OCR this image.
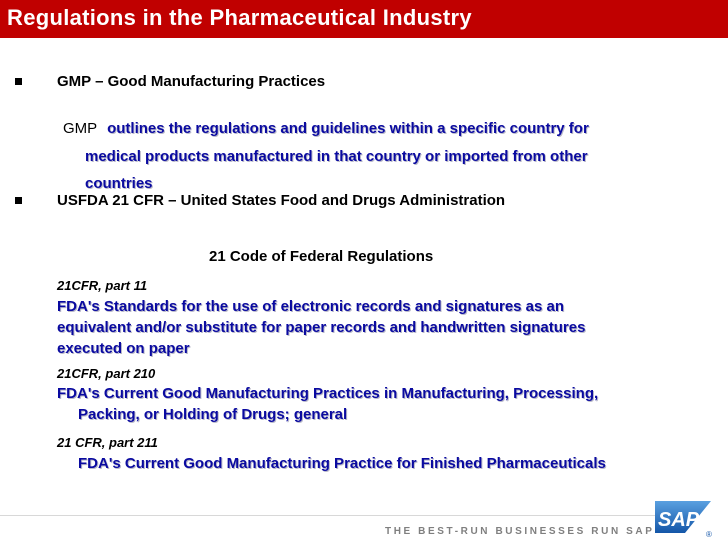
Regulations in the Pharmaceutical Industry
GMP – Good Manufacturing Practices
GMP outlines the regulations and guidelines within a specific country for
medical products manufactured in that country or imported from other
countries
USFDA 21 CFR – United States Food and Drugs Administration
21 Code of Federal Regulations
21CFR, part 11
FDA's Standards for the use of electronic records and signatures as an
equivalent and/or substitute for paper records and handwritten signatures
executed on paper
21CFR, part 210
FDA's Current Good Manufacturing Practices in Manufacturing, Processing,
Packing, or Holding of Drugs; general
21 CFR, part 211
FDA's Current Good Manufacturing Practice for Finished Pharmaceuticals
THE BEST-RUN BUSINESSES RUN SAP
SAP
®
